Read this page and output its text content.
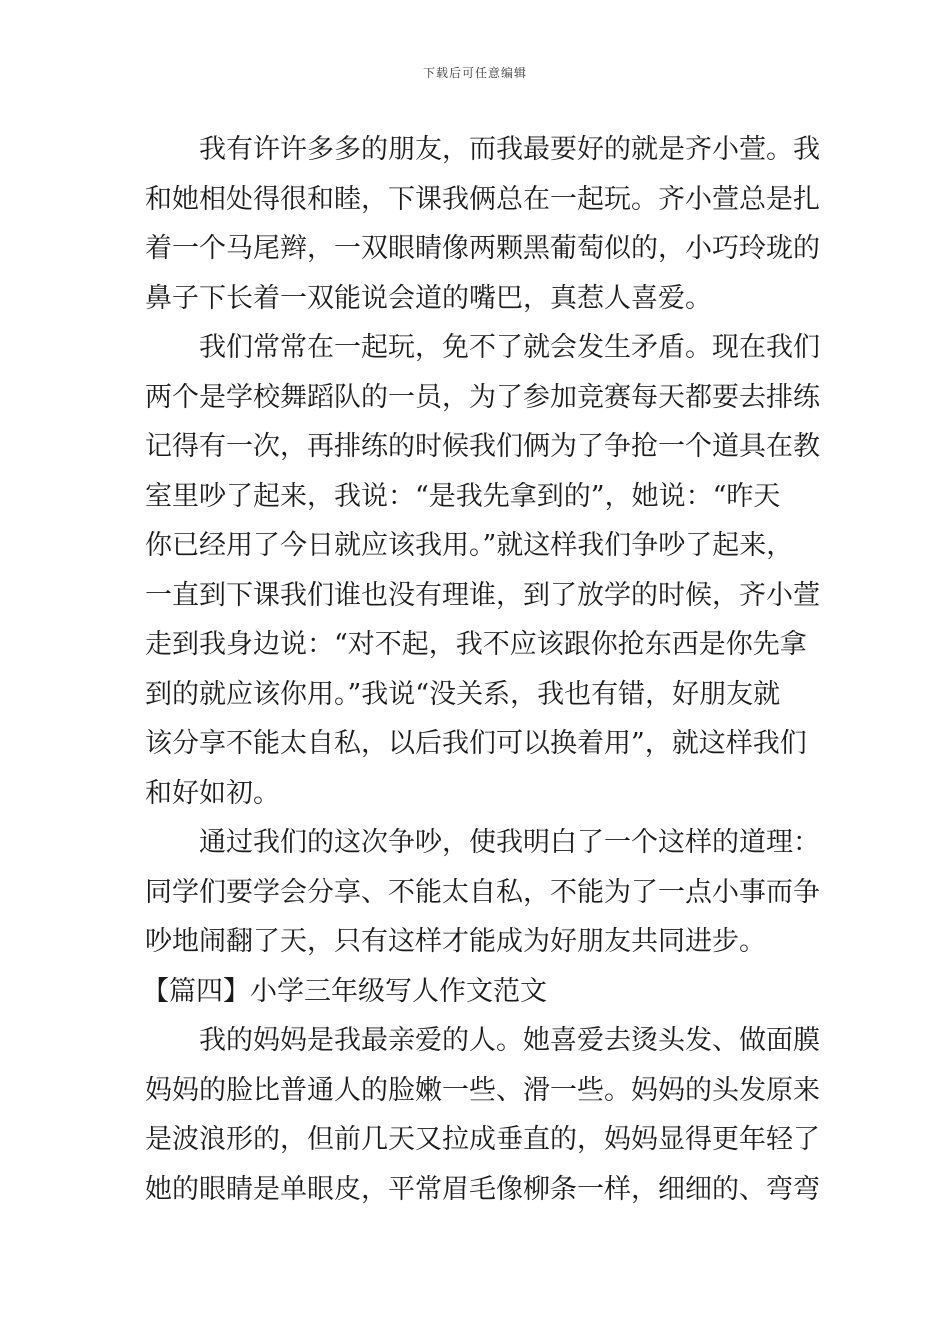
下载后可任意编辑
我有许许多多的朋友，而我最要好的就是齐小萱。我
和她相处得很和睦，下课我俩总在一起玩。齐小萱总是扎
着一个马尾辫，一双眼睛像两颗黑葡萄似的，小巧玲珑的
鼻子下长着一双能说会道的嘴巴，真惹人喜爱。
我们常常在一起玩，免不了就会发生矛盾。现在我们
两个是学校舞蹈队的一员，为了参加竞赛每天都要去排练
记得有一次，再排练的时候我们俩为了争抢一个道具在教
室里吵了起来，我说：“是我先拿到的”，她说：“昨天
你已经用了今日就应该我用。”就这样我们争吵了起来，
一直到下课我们谁也没有理谁，到了放学的时候，齐小萱
走到我身边说：“对不起，我不应该跟你抢东西是你先拿
到的就应该你用。”我说“没关系，我也有错，好朋友就
该分享不能太自私，以后我们可以换着用”，就这样我们
和好如初。
通过我们的这次争吵，使我明白了一个这样的道理：
同学们要学会分享、不能太自私，不能为了一点小事而争
吵地闹翻了天，只有这样才能成为好朋友共同进步。
【篇四】小学三年级写人作文范文
我的妈妈是我最亲爱的人。她喜爱去烫头发、做面膜
妈妈的脸比普通人的脸嫩一些、滑一些。妈妈的头发原来
是波浪形的，但前几天又拉成垂直的，妈妈显得更年轻了
她的眼睛是单眼皮，平常眉毛像柳条一样，细细的、弯弯
